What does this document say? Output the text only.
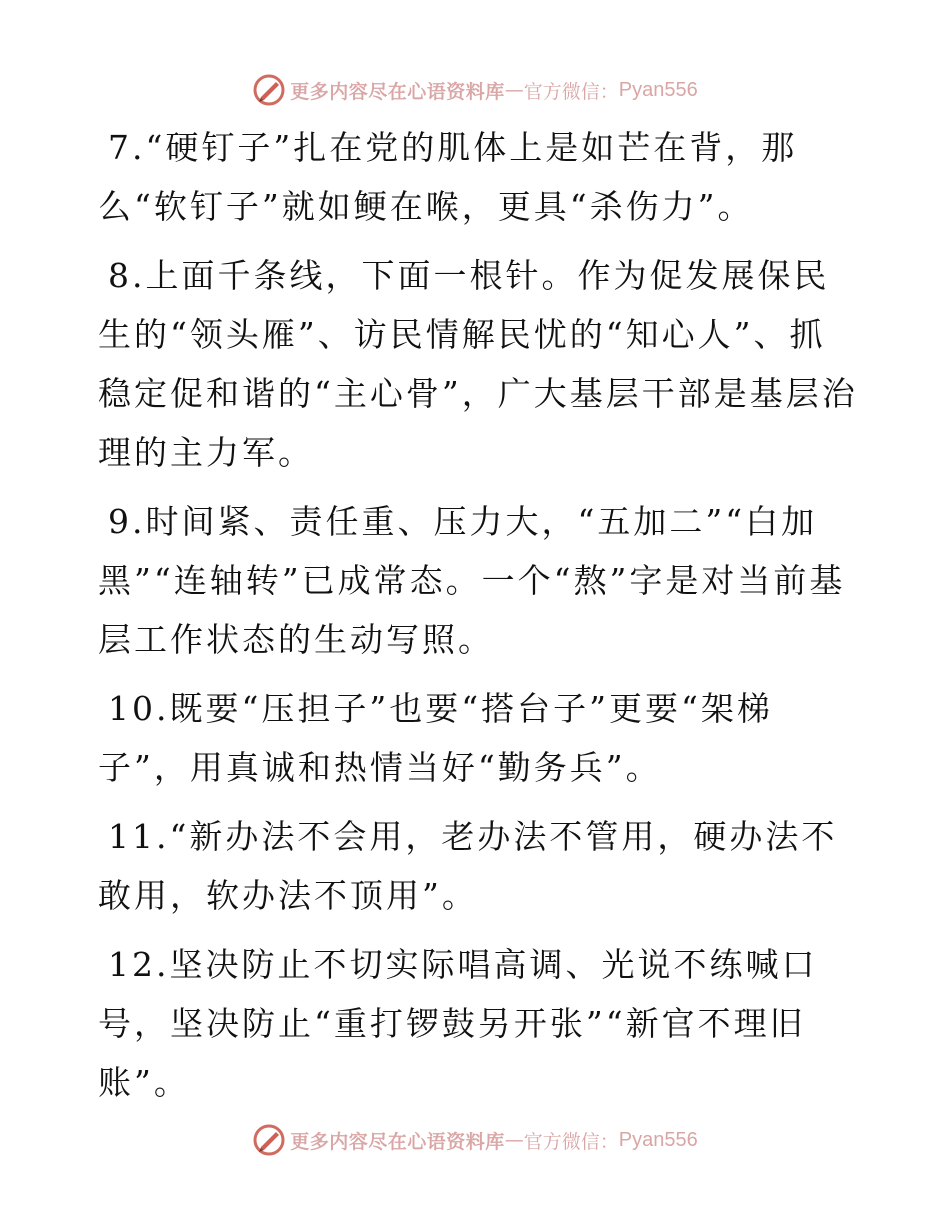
更多内容尽在心语资料库 — 官方微信： Pyan556

7.“硬钉子”扎在党的肌体上是如芒在背，那么“软钉子”就如鲠在喉，更具“杀伤力”。

8.上面千条线，下面一根针。作为促发展保民生的“领头雁”、访民情解民忧的“知心人”、抓稳定促和谐的“主心骨”，广大基层干部是基层治理的主力军。

9.时间紧、责任重、压力大，“五加二”“白加黑”“连轴转”已成常态。一个“熬”字是对当前基层工作状态的生动写照。

10.既要“压担子”也要“搭台子”更要“架梯子”，用真诚和热情当好“勤务兵”。

11.“新办法不会用，老办法不管用，硬办法不敢用，软办法不顶用”。

12.坚决防止不切实际唱高调、光说不练喊口号，坚决防止“重打锣鼓另开张”“新官不理旧账”。

更多内容尽在心语资料库 — 官方微信： Pyan556
